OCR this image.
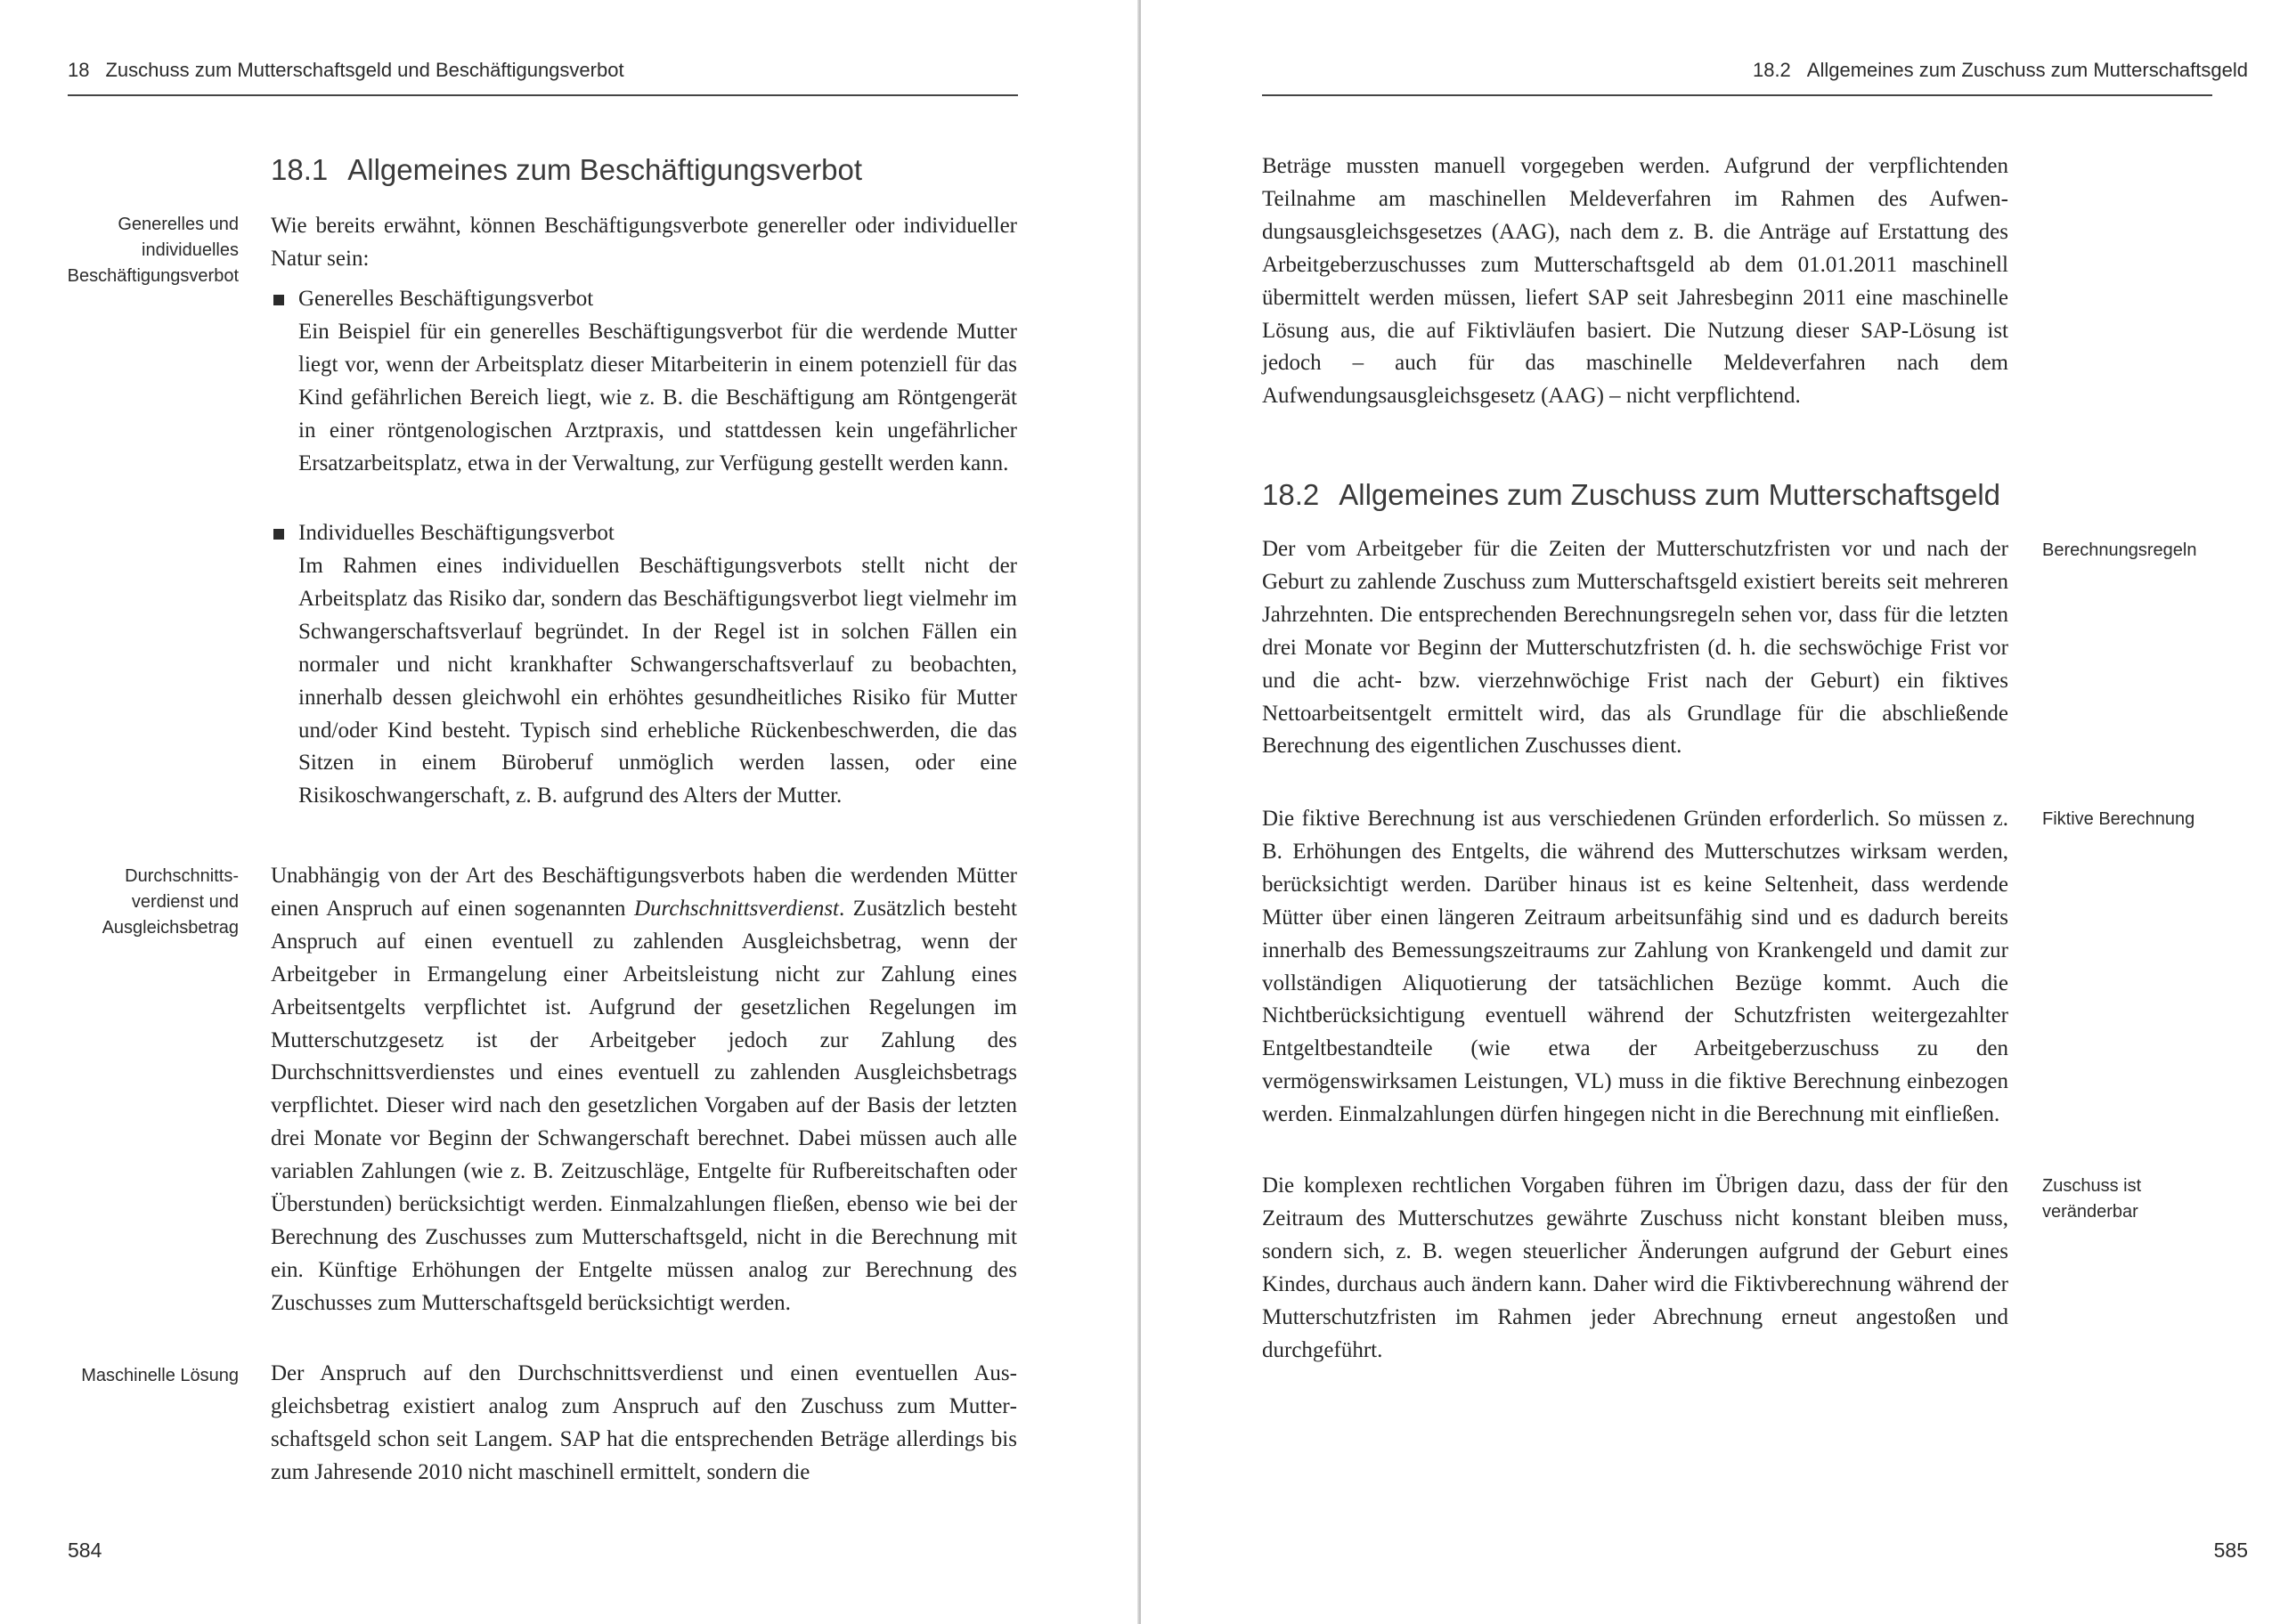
18 Zuschuss zum Mutterschaftsgeld und Beschäftigungsverbot
18.1 Allgemeines zum Beschäftigungsverbot
Generelles und individuelles Beschäftigungsverbot

Wie bereits erwähnt, können Beschäftigungsverbote genereller oder individueller Natur sein:

Generelles Beschäftigungsverbot

Ein Beispiel für ein generelles Beschäftigungsverbot für die werdende Mutter liegt vor, wenn der Arbeitsplatz dieser Mitarbeiterin in einem potenziell für das Kind gefährlichen Bereich liegt, wie z. B. die Beschäftigung am Röntgengerät in einer röntgenologischen Arztpraxis, und stattdessen kein ungefährlicher Ersatzarbeitsplatz, etwa in der Verwaltung, zur Verfügung gestellt werden kann.

Individuelles Beschäftigungsverbot

Im Rahmen eines individuellen Beschäftigungsverbots stellt nicht der Arbeitsplatz das Risiko dar, sondern das Beschäftigungsverbot liegt vielmehr im Schwangerschaftsverlauf begründet. In der Regel ist in solchen Fällen ein normaler und nicht krankhafter Schwangerschaftsverlauf zu beobachten, innerhalb dessen gleichwohl ein erhöhtes gesundheitliches Risiko für Mutter und/oder Kind besteht. Typisch sind erhebliche Rückenbeschwerden, die das Sitzen in einem Büroberuf unmöglich werden lassen, oder eine Risikoschwangerschaft, z. B. aufgrund des Alters der Mutter.

Durchschnittsverdienst und Ausgleichsbetrag

Unabhängig von der Art des Beschäftigungsverbots haben die werdenden Mütter einen Anspruch auf einen sogenannten Durchschnittsverdienst. Zusätzlich besteht Anspruch auf einen eventuell zu zahlenden Ausgleichsbetrag, wenn der Arbeitgeber in Ermangelung einer Arbeitsleistung nicht zur Zahlung eines Arbeitsentgelts verpflichtet ist. Aufgrund der gesetzlichen Regelungen im Mutterschutzgesetz ist der Arbeitgeber jedoch zur Zahlung des Durchschnittsverdienstes und eines eventuell zu zahlenden Ausgleichsbetrags verpflichtet. Dieser wird nach den gesetzlichen Vorgaben auf der Basis der letzten drei Monate vor Beginn der Schwangerschaft berechnet. Dabei müssen auch alle variablen Zahlungen (wie z. B. Zeitzuschläge, Entgelte für Rufbereitschaften oder Überstunden) berücksichtigt werden. Einmalzahlungen fließen, ebenso wie bei der Berechnung des Zuschusses zum Mutterschaftsgeld, nicht in die Berechnung mit ein. Künftige Erhöhungen der Entgelte müssen analog zur Berechnung des Zuschusses zum Mutterschaftsgeld berücksichtigt werden.

Maschinelle Lösung Der Anspruch auf den Durchschnittsverdienst und einen eventuellen Ausgleichsbetrag existiert analog zum Anspruch auf den Zuschuss zum Mutterschaftsgeld schon seit Langem. SAP hat die entsprechenden Beträge allerdings bis zum Jahresende 2010 nicht maschinell ermittelt, sondern die

584
18.2 Allgemeines zum Zuschuss zum Mutterschaftsgeld

Beträge mussten manuell vorgegeben werden. Aufgrund der verpflichtenden Teilnahme am maschinellen Meldeverfahren im Rahmen des Aufwendungsausgleichsgesetzes (AAG), nach dem z. B. die Anträge auf Erstattung des Arbeitgeberzuschusses zum Mutterschaftsgeld ab dem 01.01.2011 maschinell übermittelt werden müssen, liefert SAP seit Jahresbeginn 2011 eine maschinelle Lösung aus, die auf Fiktivläufen basiert. Die Nutzung dieser SAP-Lösung ist jedoch – auch für das maschinelle Meldeverfahren nach dem Aufwendungsausgleichsgesetz (AAG) – nicht verpflichtend.

18.2 Allgemeines zum Zuschuss zum Mutterschaftsgeld

Der vom Arbeitgeber für die Zeiten der Mutterschutzfristen vor und nach der Geburt zu zahlende Zuschuss zum Mutterschaftsgeld existiert bereits seit mehreren Jahrzehnten. Die entsprechenden Berechnungsregeln sehen vor, dass für die letzten drei Monate vor Beginn der Mutterschutzfristen (d. h. die sechswöchige Frist vor und die acht- bzw. vierzehnwöchige Frist nach der Geburt) ein fiktives Nettoarbeitsentgelt ermittelt wird, das als Grundlage für die abschließende Berechnung des eigentlichen Zuschusses dient.

Berechnungsregeln

Die fiktive Berechnung ist aus verschiedenen Gründen erforderlich. So müssen z. B. Erhöhungen des Entgelts, die während des Mutterschutzes wirksam werden, berücksichtigt werden. Darüber hinaus ist es keine Seltenheit, dass werdende Mütter über einen längeren Zeitraum arbeitsunfähig sind und es dadurch bereits innerhalb des Bemessungszeitraums zur Zahlung von Krankengeld und damit zur vollständigen Aliquotierung der tatsächlichen Bezüge kommt. Auch die Nichtberücksichtigung eventuell während der Schutzfristen weitergezahlter Entgeltbestandteile (wie etwa der Arbeitgeberzuschuss zu den vermögenswirksamen Leistungen, VL) muss in die fiktive Berechnung einbezogen werden. Einmalzahlungen dürfen hingegen nicht in die Berechnung mit einfließen.

Fiktive Berechnung

Die komplexen rechtlichen Vorgaben führen im Übrigen dazu, dass der für den Zeitraum des Mutterschutzes gewährte Zuschuss nicht konstant bleiben muss, sondern sich, z. B. wegen steuerlicher Änderungen aufgrund der Geburt eines Kindes, durchaus auch ändern kann. Daher wird die Fiktivberechnung während der Mutterschutzfristen im Rahmen jeder Abrechnung erneut angestoßen und durchgeführt.

Zuschuss ist veränderbar
585
